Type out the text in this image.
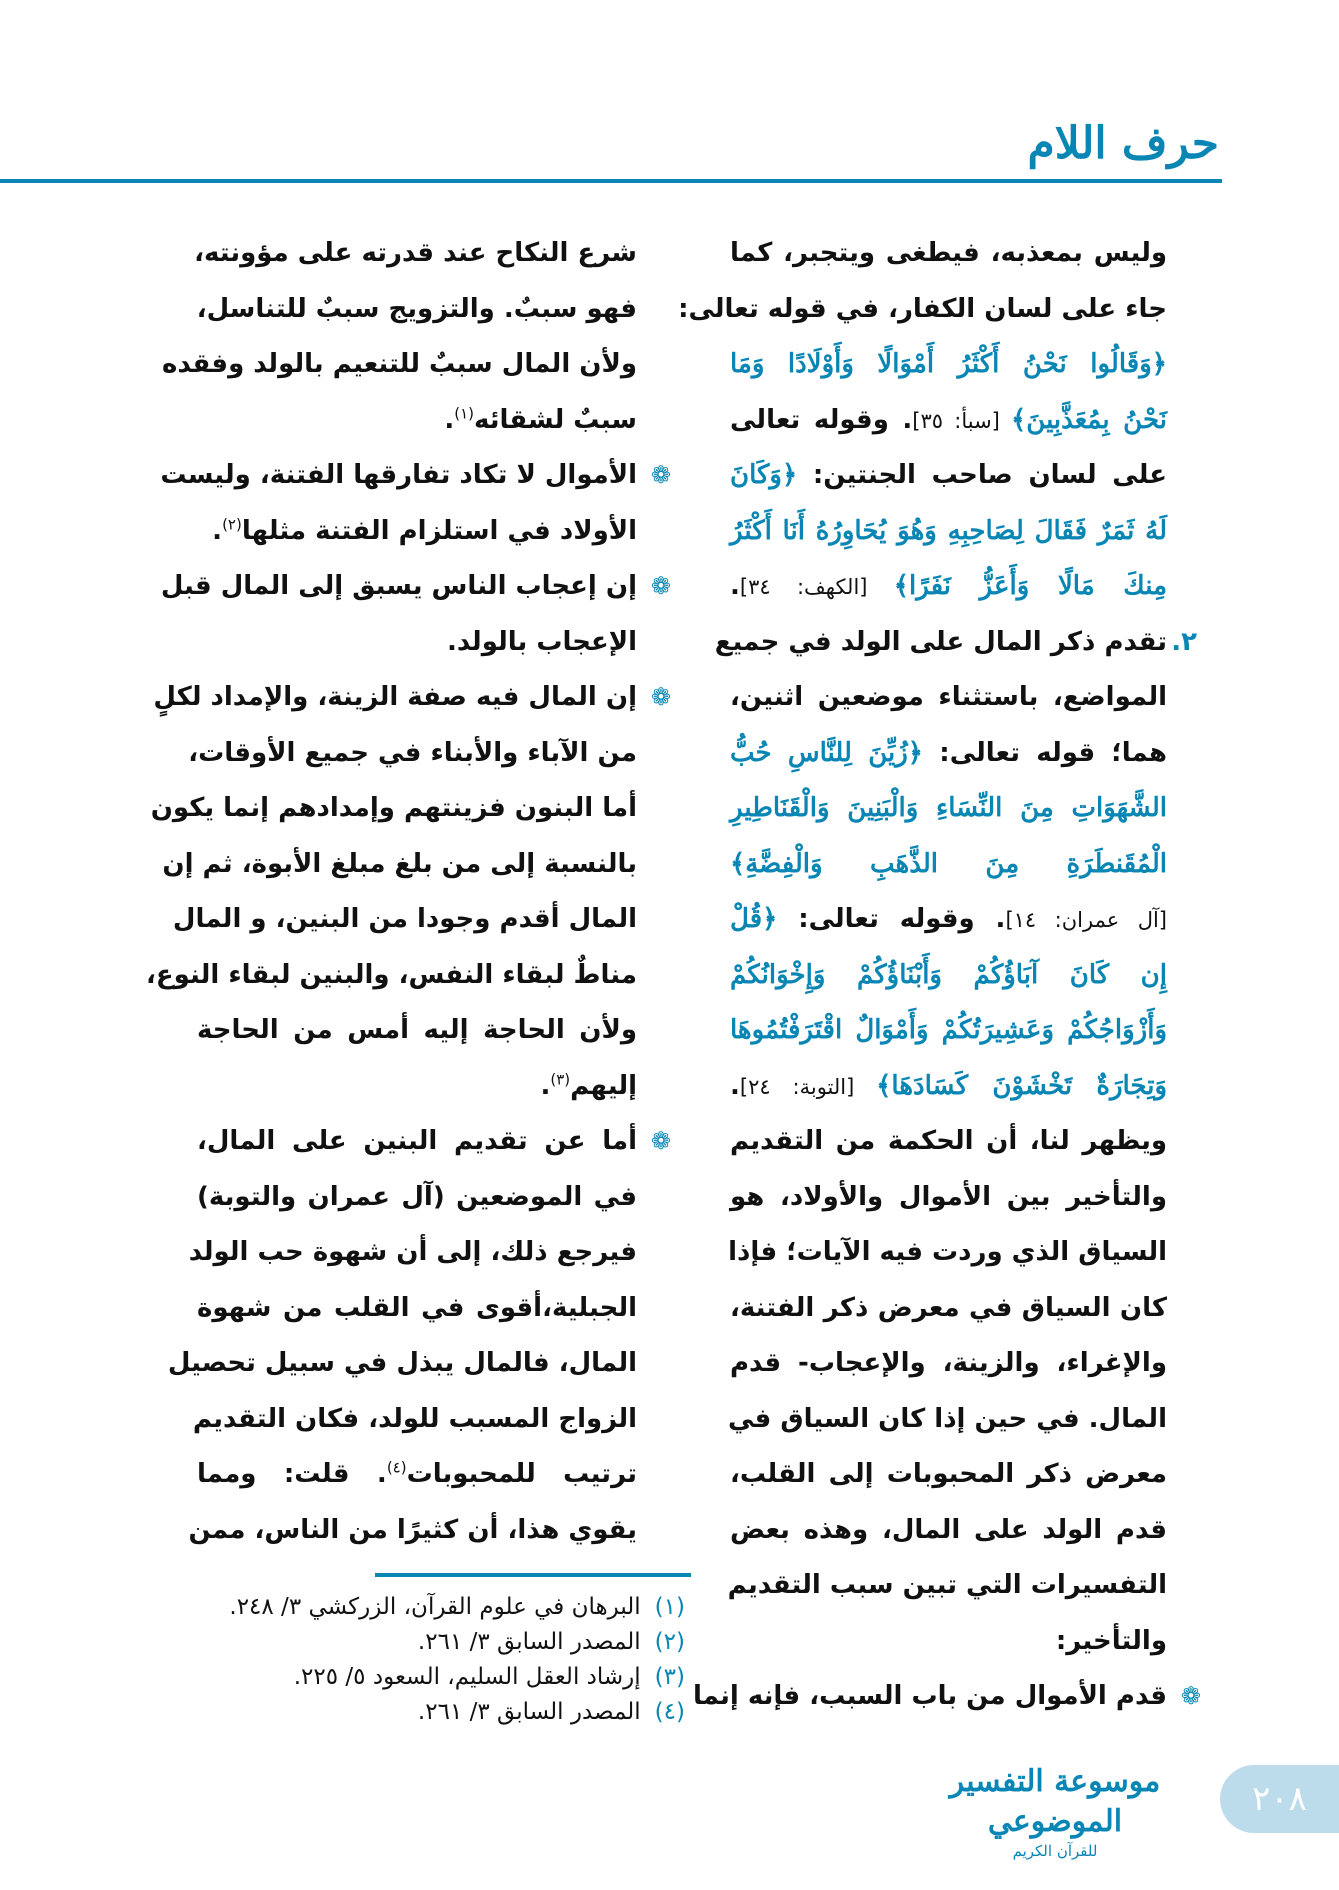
حرف اللام
وليس بمعذبه، فيطغى ويتجبر، كما
جاء على لسان الكفار، في قوله تعالى:
﴿وَقَالُوا نَحْنُ أَكْثَرُ أَمْوَالًا وَأَوْلَادًا وَمَا
نَحْنُ بِمُعَذَّبِينَ﴾ [سبأ: ٣٥]. وقوله تعالى
على لسان صاحب الجنتين: ﴿وَكَانَ
لَهُ ثَمَرٌ فَقَالَ لِصَاحِبِهِ وَهُوَ يُحَاوِرُهُ أَنَا أَكْثَرُ
مِنكَ مَالًا وَأَعَزُّ نَفَرًا﴾ [الكهف: ٣٤].
٢.
تقدم ذكر المال على الولد في جميع
المواضع، باستثناء موضعين اثنين،
هما؛ قوله تعالى: ﴿زُيِّنَ لِلنَّاسِ حُبُّ
الشَّهَوَاتِ مِنَ النِّسَاءِ وَالْبَنِينَ وَالْقَنَاطِيرِ
الْمُقَنطَرَةِ مِنَ الذَّهَبِ وَالْفِضَّةِ﴾
[آل عمران: ١٤]. وقوله تعالى: ﴿قُلْ
إِن كَانَ آبَاؤُكُمْ وَأَبْنَاؤُكُمْ وَإِخْوَانُكُمْ
وَأَزْوَاجُكُمْ وَعَشِيرَتُكُمْ وَأَمْوَالٌ اقْتَرَفْتُمُوهَا
وَتِجَارَةٌ تَخْشَوْنَ كَسَادَهَا﴾ [التوبة: ٢٤].
ويظهر لنا، أن الحكمة من التقديم
والتأخير بين الأموال والأولاد، هو
السياق الذي وردت فيه الآيات؛ فإذا
كان السياق في معرض ذكر الفتنة،
والإغراء، والزينة، والإعجاب- قدم
المال. في حين إذا كان السياق في
معرض ذكر المحبوبات إلى القلب،
قدم الولد على المال، وهذه بعض
التفسيرات التي تبين سبب التقديم
والتأخير:
❁
قدم الأموال من باب السبب، فإنه إنما
شرع النكاح عند قدرته على مؤونته،
فهو سببٌ. والتزويج سببٌ للتناسل،
ولأن المال سببٌ للتنعيم بالولد وفقده
سببٌ لشقائه$^{(١)}$.
❁
الأموال لا تكاد تفارقها الفتنة، وليست
الأولاد في استلزام الفتنة مثلها$^{(٢)}$.
❁
إن إعجاب الناس يسبق إلى المال قبل
الإعجاب بالولد.
❁
إن المال فيه صفة الزينة، والإمداد لكلٍ
من الآباء والأبناء في جميع الأوقات،
أما البنون فزينتهم وإمدادهم إنما يكون
بالنسبة إلى من بلغ مبلغ الأبوة، ثم إن
المال أقدم وجودا من البنين، و المال
مناطٌ لبقاء النفس، والبنين لبقاء النوع،
ولأن الحاجة إليه أمس من الحاجة
إليهم$^{(٣)}$.
❁
أما عن تقديم البنين على المال،
في الموضعين (آل عمران والتوبة)
فيرجع ذلك، إلى أن شهوة حب الولد
الجبلية،أقوى في القلب من شهوة
المال، فالمال يبذل في سبيل تحصيل
الزواج المسبب للولد، فكان التقديم
ترتيب للمحبوبات$^{(٤)}$. قلت: ومما
يقوي هذا، أن كثيرًا من الناس، ممن
(١)البرهان في علوم القرآن، الزركشي ٣/ ٢٤٨.
(٢)المصدر السابق ٣/ ٢٦١.
(٣)إرشاد العقل السليم، السعود ٥/ ٢٢٥.
(٤)المصدر السابق ٣/ ٢٦١.
موسوعة التفسير الموضوعي
للقرآن الكريم
٢٠٨
